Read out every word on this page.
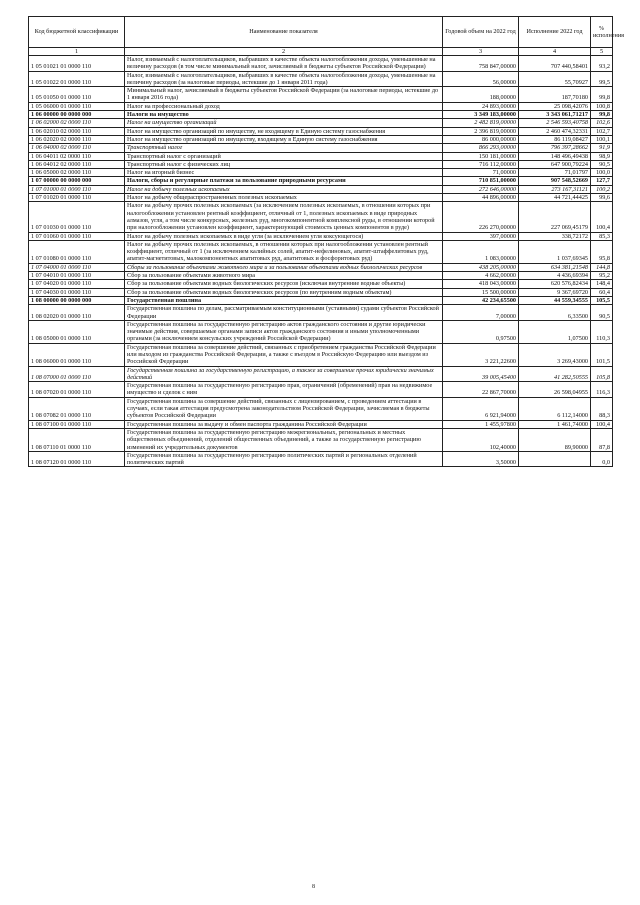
Код бюджетной классификации	Наименование показателя	Годовой объем на 2022 год	Исполнение 2022 год	% исполнения
1	2	3	4	5
1 05 01021 01 0000 110	Налог, взимаемый с налогоплательщиков, выбравших в качестве объекта налогообложения доходы, уменьшенные на величину расходов (в том числе минимальный налог, зачисляемый в бюджеты субъектов Российской Федерации)	758 847,00000	707 440,58401	93,2
1 05 01022 01 0000 110	Налог, взимаемый с налогоплательщиков, выбравших в качестве объекта налогообложения доходы, уменьшенные на величину расходов (за налоговые периоды, истекшие до 1 января 2011 года)	56,00000	55,70927	99,5
1 05 01050 01 0000 110	Минимальный налог, зачисляемый в бюджеты субъектов Российской Федерации (за налоговые периоды, истекшие до 1 января 2016 года)	188,00000	187,70180	99,8
1 05 06000 01 0000 110	Налог на профессиональный доход	24 893,00000	25 098,42076	100,8
1 06 00000 00 0000 000	Налоги на имущество	3 349 183,00000	3 343 061,71217	99,8
1 06 02000 02 0000 110	Налог на имущество организаций	2 482 819,00000	2 546 593,40758	102,6
1 06 02010 02 0000 110	Налог на имущество организаций по имуществу, не входящему в Единую систему газоснабжения	2 396 819,00000	2 460 474,32331	102,7
1 06 02020 02 0000 110	Налог на имущество организаций по имуществу, входящему в Единую систему газоснабжения	86 000,00000	86 119,08427	100,1
1 06 04000 02 0000 110	Транспортный налог	866 293,00000	796 397,28662	91,9
1 06 04011 02 0000 110	Транспортный налог с организаций	150 181,00000	148 496,49438	98,9
1 06 04012 02 0000 110	Транспортный налог с физических лиц	716 112,00000	647 900,79224	90,5
1 06 05000 02 0000 110	Налог на игорный бизнес	71,00000	71,01797	100,0
1 07 00000 00 0000 000	Налоги, сборы и регулярные платежи за пользование природными ресурсами	710 851,00000	907 548,52669	127,7
1 07 01000 01 0000 110	Налог на добычу полезных ископаемых	272 646,00000	273 167,31121	100,2
1 07 01020 01 0000 110	Налог на добычу общераспространенных полезных ископаемых	44 896,00000	44 721,44425	99,6
1 07 01030 01 0000 110	Налог на добычу прочих полезных ископаемых (за исключением полезных ископаемых, в отношении которых при налогообложении установлен рентный коэффициент, отличный от 1, полезных ископаемых в виде природных алмазов, угля, а том числе конкурсных, железных руд, многокомпонентной комплексной руды, в отношении которой при налогообложении установлен коэффициент, характеризующий стоимость ценных компонентов в руде)	226 270,00000	227 069,45179	100,4
1 07 01060 01 0000 110	Налог на добычу полезных ископаемых в виде угля (за исключением угля коксующегося)	397,00000	338,72172	85,3
1 07 01080 01 0000 110	Налог на добычу прочих полезных ископаемых, в отношении которых при налогообложении установлен рентный коэффициент, отличный от 1 (за исключением калийных солей, апатит-нефелиновых, апатит-штаффелитовых руд, апатит-магнетитовых, малокомпонентных апатитовых руд, апатитовых и фосфоритовых руд)	1 083,00000	1 037,69345	95,8
1 07 04000 01 0000 110	Сборы за пользование объектами животного мира и за пользование объектами водных биологических ресурсов	438 205,00000	634 381,21548	144,8
1 07 04010 01 0000 110	Сбор за пользование объектами животного мира	4 662,00000	4 436,69394	95,2
1 07 04020 01 0000 110	Сбор за пользование объектами водных биологических ресурсов (исключая внутренние водные объекты)	418 043,00000	620 576,82434	148,4
1 07 04030 01 0000 110	Сбор за пользование объектами водных биологических ресурсов (по внутренним водным объектам)	15 500,00000	9 367,69720	60,4
1 08 00000 00 0000 000	Государственная пошлина	42 234,65500	44 559,34555	105,5
1 08 02020 01 0000 110	Государственная пошлина по делам, рассматриваемым конституционными (уставными) судами субъектов Российской Федерации	7,00000	6,33500	90,5
1 08 05000 01 0000 110	Государственная пошлина за государственную регистрацию актов гражданского состояния и другие юридически значимые действия, совершаемые органами записи актов гражданского состояния и иными уполномоченными органами (за исключением консульских учреждений Российской Федерации)	0,97500	1,07500	110,3
1 08 06000 01 0000 110	Государственная пошлина за совершение действий, связанных с приобретением гражданства Российской Федерации или выходом из гражданства Российской Федерации, а также с въездом в Российскую Федерацию или выездом из Российской Федерации	3 221,22600	3 269,43000	101,5
1 08 07000 01 0000 110	Государственная пошлина за государственную регистрацию, а также за совершение прочих юридически значимых действий	39 005,45400	41 282,50555	105,8
1 08 07020 01 0000 110	Государственная пошлина за государственную регистрацию прав, ограничений (обременений) прав на недвижимое имущество и сделок с ним	22 867,70000	26 598,04955	116,3
1 08 07082 01 0000 110	Государственная пошлина за совершение действий, связанных с лицензированием, с проведением аттестации в случаях, если такая аттестация предусмотрена законодательством Российской Федерации, зачисляемая в бюджеты субъектов Российской Федерации	6 921,94000	6 112,14000	88,3
1 08 07100 01 0000 110	Государственная пошлина за выдачу и обмен паспорта гражданина Российской Федерации	1 455,97800	1 461,74000	100,4
1 08 07110 01 0000 110	Государственная пошлина за государственную регистрацию межрегиональных, региональных и местных общественных объединений, отделений общественных объединений, а также за государственную регистрацию изменений их учредительных документов	102,40000	89,90000	87,8
1 08 07120 01 0000 110	Государственная пошлина за государственную регистрацию политических партий и региональных отделений политических партий	3,50000		0,0
8
